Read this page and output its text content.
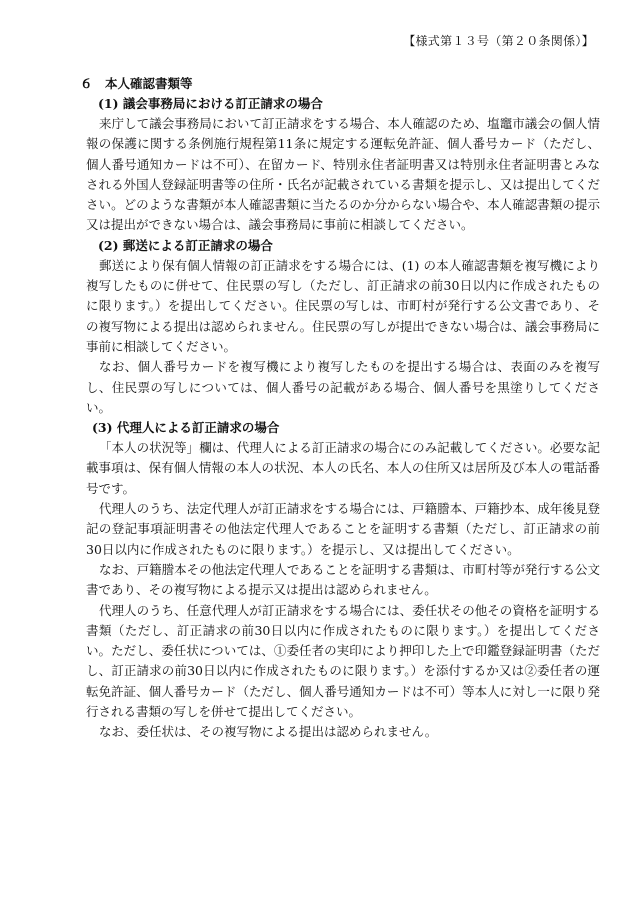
【様式第１３号（第２０条関係）】

６　本人確認書類等

(1) 議会事務局における訂正請求の場合

来庁して議会事務局において訂正請求をする場合、本人確認のため、塩竈市議会の個人情報の保護に関する条例施行規程第11条に規定する運転免許証、個人番号カード（ただし、個人番号通知カードは不可）、在留カード、特別永住者証明書又は特別永住者証明書とみなされる外国人登録証明書等の住所・氏名が記載されている書類を提示し、又は提出してください。どのような書類が本人確認書類に当たるのか分からない場合や、本人確認書類の提示又は提出ができない場合は、議会事務局に事前に相談してください。

(2) 郵送による訂正請求の場合

郵送により保有個人情報の訂正請求をする場合には、(1) の本人確認書類を複写機により複写したものに併せて、住民票の写し（ただし、訂正請求の前30日以内に作成されたものに限ります。）を提出してください。住民票の写しは、市町村が発行する公文書であり、その複写物による提出は認められません。住民票の写しが提出できない場合は、議会事務局に事前に相談してください。

なお、個人番号カードを複写機により複写したものを提出する場合は、表面のみを複写し、住民票の写しについては、個人番号の記載がある場合、個人番号を黒塗りしてください。

(3) 代理人による訂正請求の場合

「本人の状況等」欄は、代理人による訂正請求の場合にのみ記載してください。必要な記載事項は、保有個人情報の本人の状況、本人の氏名、本人の住所又は居所及び本人の電話番号です。

代理人のうち、法定代理人が訂正請求をする場合には、戸籍謄本、戸籍抄本、成年後見登記の登記事項証明書その他法定代理人であることを証明する書類（ただし、訂正請求の前30日以内に作成されたものに限ります。）を提示し、又は提出してください。

なお、戸籍謄本その他法定代理人であることを証明する書類は、市町村等が発行する公文書であり、その複写物による提示又は提出は認められません。

代理人のうち、任意代理人が訂正請求をする場合には、委任状その他その資格を証明する書類（ただし、訂正請求の前30日以内に作成されたものに限ります。）を提出してください。ただし、委任状については、①委任者の実印により押印した上で印鑑登録証明書（ただし、訂正請求の前30日以内に作成されたものに限ります。）を添付するか又は②委任者の運転免許証、個人番号カード（ただし、個人番号通知カードは不可）等本人に対し一に限り発行される書類の写しを併せて提出してください。

なお、委任状は、その複写物による提出は認められません。
